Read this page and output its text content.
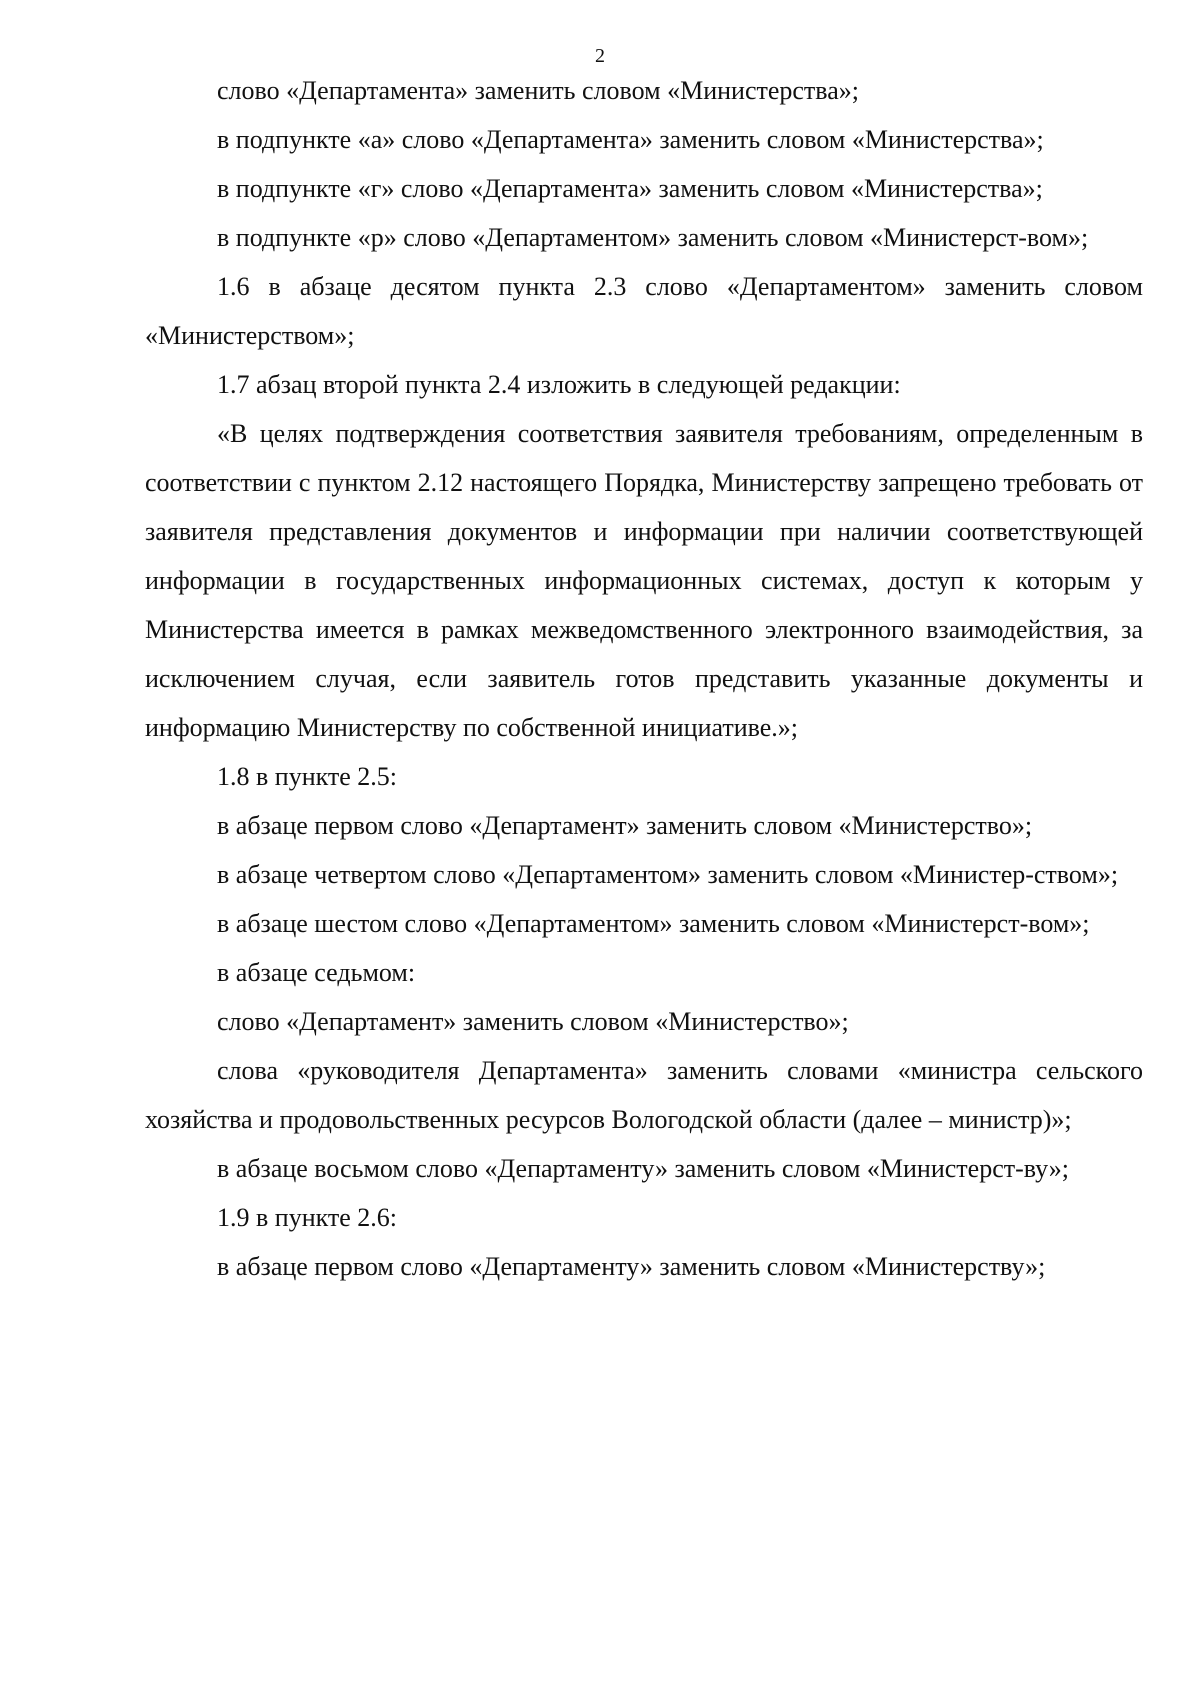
2

слово «Департамента» заменить словом «Министерства»;

в подпункте «а» слово «Департамента» заменить словом «Министерства»;

в подпункте «г» слово «Департамента» заменить словом «Министерства»;

в подпункте «р» слово «Департаментом» заменить словом «Министерст-вом»;

1.6 в абзаце десятом пункта 2.3 слово «Департаментом» заменить словом «Министерством»;

1.7 абзац второй пункта 2.4 изложить в следующей редакции:

«В целях подтверждения соответствия заявителя требованиям, определенным в соответствии с пунктом 2.12 настоящего Порядка, Министерству запрещено требовать от заявителя представления документов и информации при наличии соответствующей информации в государственных информационных системах, доступ к которым у Министерства имеется в рамках межведомственного электронного взаимодействия, за исключением случая, если заявитель готов представить указанные документы и информацию Министерству по собственной инициативе.»;

1.8 в пункте 2.5:

в абзаце первом слово «Департамент» заменить словом «Министерство»;

в абзаце четвертом слово «Департаментом» заменить словом «Министер-ством»;

в абзаце шестом слово «Департаментом» заменить словом «Министерст-вом»;

в абзаце седьмом:

слово «Департамент» заменить словом «Министерство»;

слова «руководителя Департамента» заменить словами «министра сельского хозяйства и продовольственных ресурсов Вологодской области (далее – министр)»;

в абзаце восьмом слово «Департаменту» заменить словом «Министерст-ву»;

1.9 в пункте 2.6:

в абзаце первом слово «Департаменту» заменить словом «Министерству»;
